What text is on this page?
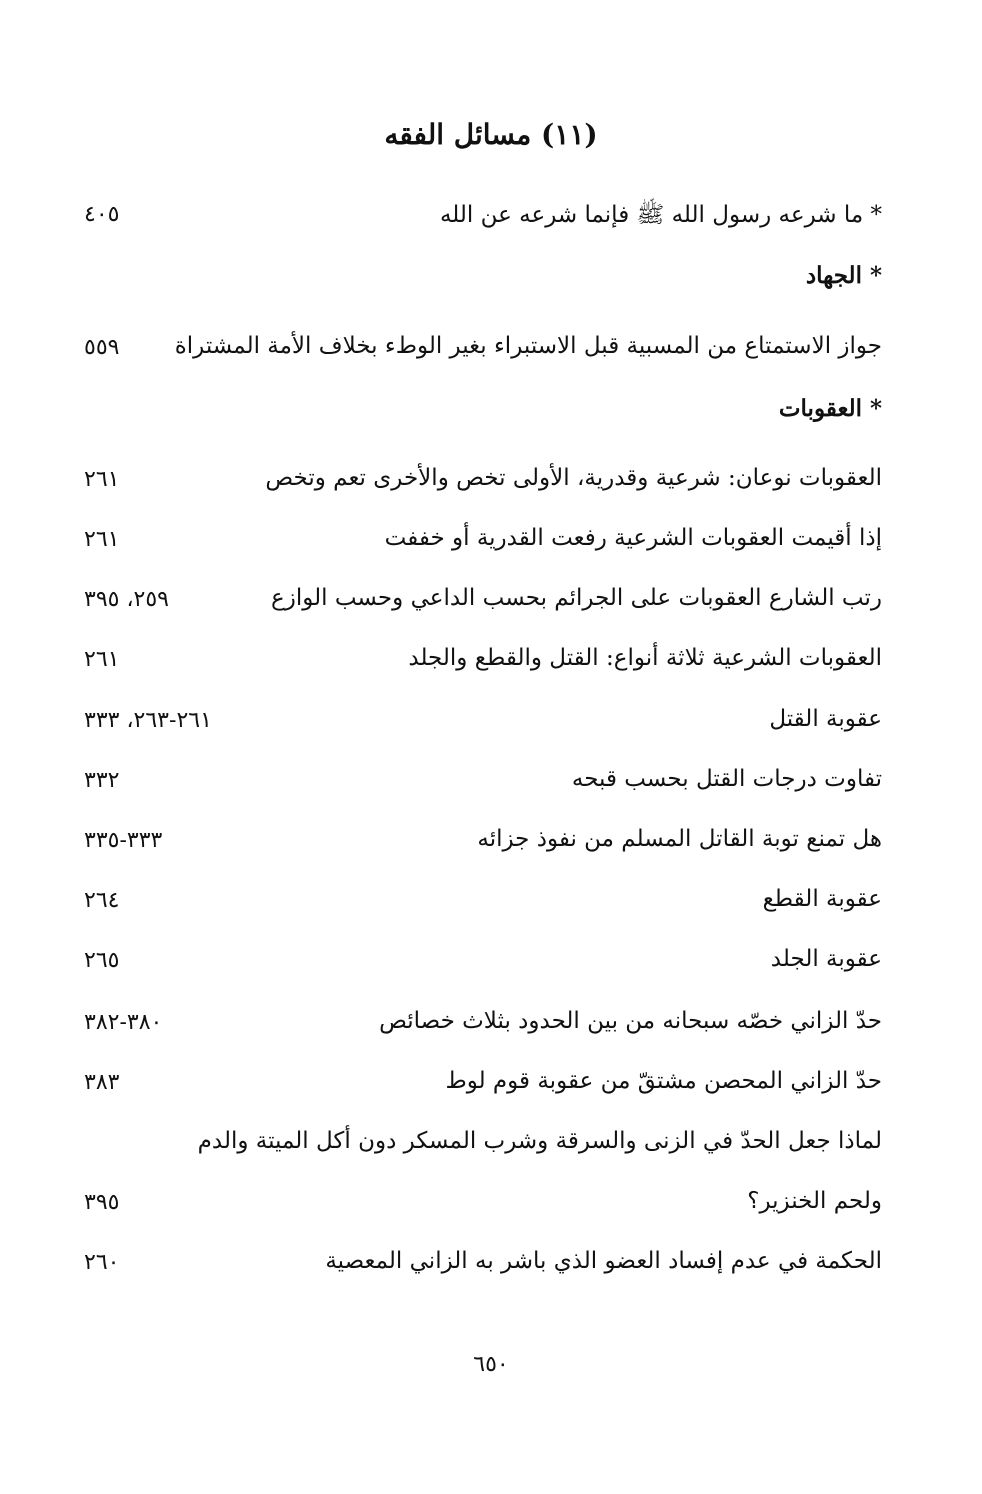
(١١) مسائل الفقه
* ما شرعه رسول الله ﷺ فإنما شرعه عن الله
٤٠٥
* الجهاد
جواز الاستمتاع من المسبية قبل الاستبراء بغير الوطء بخلاف الأمة المشتراة
٥٥٩
* العقوبات
العقوبات نوعان: شرعية وقدرية، الأولى تخص والأخرى تعم وتخص
٢٦١
إذا أقيمت العقوبات الشرعية رفعت القدرية أو خففت
٢٦١
رتب الشارع العقوبات على الجرائم بحسب الداعي وحسب الوازع
٢٥٩، ٣٩٥
العقوبات الشرعية ثلاثة أنواع: القتل والقطع والجلد
٢٦١
عقوبة القتل
٢٦١-٢٦٣، ٣٣٣
تفاوت درجات القتل بحسب قبحه
٣٣٢
هل تمنع توبة القاتل المسلم من نفوذ جزائه
٣٣٣-٣٣٥
عقوبة القطع
٢٦٤
عقوبة الجلد
٢٦٥
حدّ الزاني خصّه سبحانه من بين الحدود بثلاث خصائص
٣٨٠-٣٨٢
حدّ الزاني المحصن مشتقّ من عقوبة قوم لوط
٣٨٣
لماذا جعل الحدّ في الزنى والسرقة وشرب المسكر دون أكل الميتة والدم
ولحم الخنزير؟
٣٩٥
الحكمة في عدم إفساد العضو الذي باشر به الزاني المعصية
٢٦٠
٦٥٠
